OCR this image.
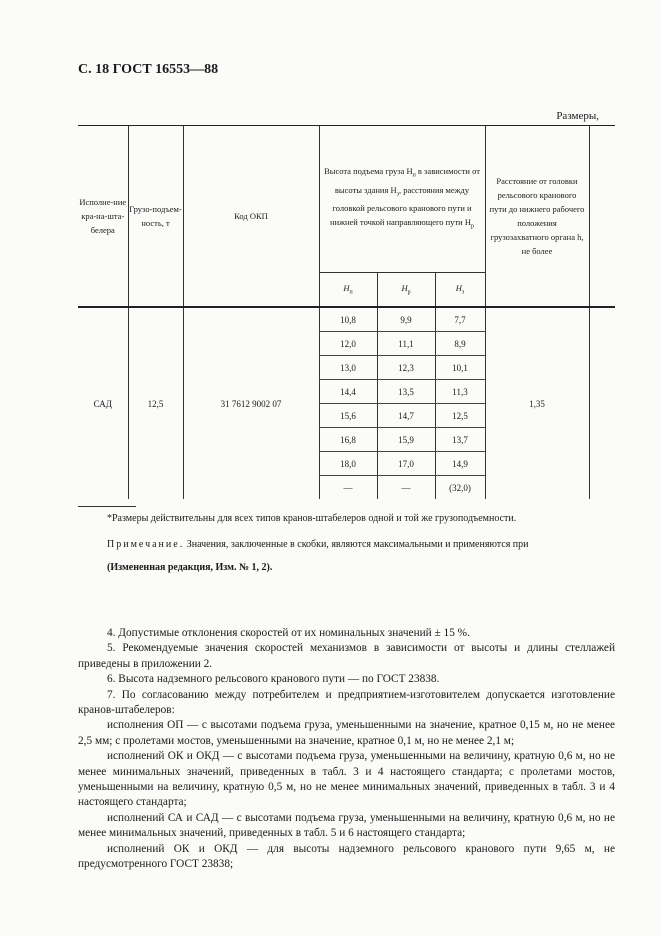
С. 18 ГОСТ 16553—88
Размеры,
Исполне-ние кра-на-шта-белера	Грузо-подъем-ность, т	Код ОКП	Высота подъема груза $H_п$ в зависимости от высоты здания $H_з$, расстояния между головкой рельсового кранового пути и нижней точкой направляющего пути $H_р$			Расстояние от головки рельсового кранового пути до нижнего рабочего положения грузозахватного органа h, не более	
			$H_п$	$H_р$	$H_з$
САД	12,5	31 7612 9002 07	10,8	9,9	7,7	1,35	
			12,0	11,1	8,9		
			13,0	12,3	10,1		
			14,4	13,5	11,3		
			15,6	14,7	12,5		
			16,8	15,9	13,7		
			18,0	17,0	14,9		
			—	—	(32,0)		
*Размеры действительны для всех типов кранов-штабелеров одной и той же грузоподъемности.
Примечание. Значения, заключенные в скобки, являются максимальными и применяются при
(Измененная редакция, Изм. № 1, 2).

4. Допустимые отклонения скоростей от их номинальных значений ± 15 %.

5. Рекомендуемые значения скоростей механизмов в зависимости от высоты и длины стеллажей приведены в приложении 2.

6. Высота надземного рельсового кранового пути — по ГОСТ 23838.

7. По согласованию между потребителем и предприятием-изготовителем допускается изготовление кранов-штабелеров:

исполнения ОП — с высотами подъема груза, уменьшенными на значение, кратное 0,15 м, но не менее 2,5 мм; с пролетами мостов, уменьшенными на значение, кратное 0,1 м, но не менее 2,1 м;

исполнений ОК и ОКД — с высотами подъема груза, уменьшенными на величину, кратную 0,6 м, но не менее минимальных значений, приведенных в табл. 3 и 4 настоящего стандарта; с пролетами мостов, уменьшенными на величину, кратную 0,5 м, но не менее минимальных значений, приведенных в табл. 3 и 4 настоящего стандарта;

исполнений СА и САД — с высотами подъема груза, уменьшенными на величину, кратную 0,6 м, но не менее минимальных значений, приведенных в табл. 5 и 6 настоящего стандарта;

исполнений ОК и ОКД — для высоты надземного рельсового кранового пути 9,65 м, не предусмотренного ГОСТ 23838;
